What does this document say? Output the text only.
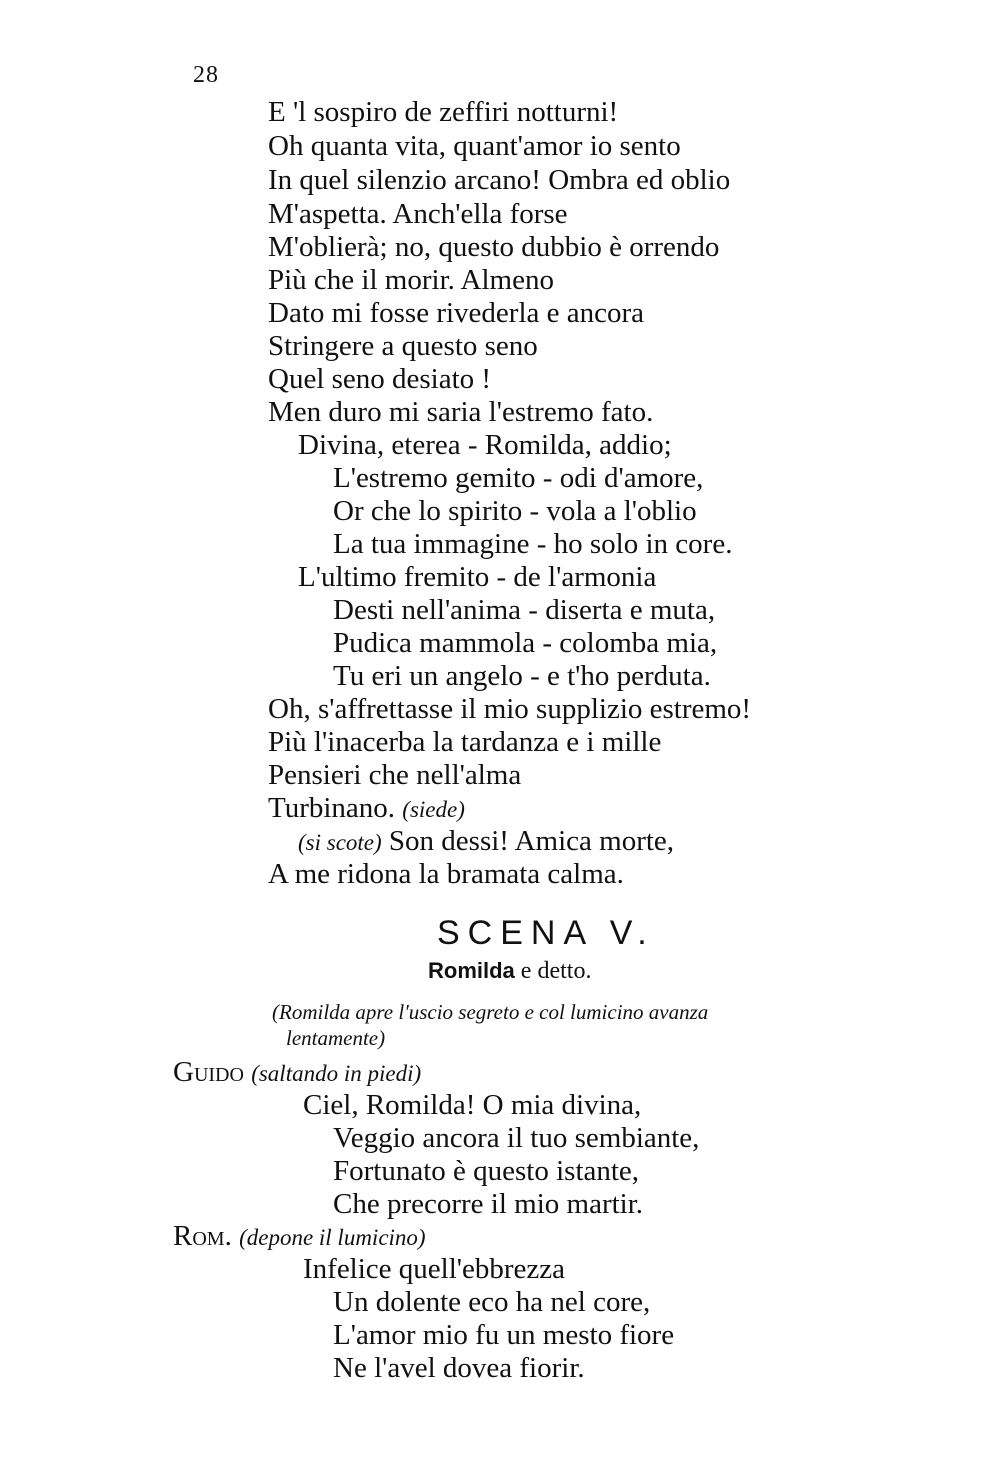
28
E 'l sospiro de zeffiri notturni!
Oh quanta vita, quant'amor io sento
In quel silenzio arcano! Ombra ed oblio
M'aspetta. Anch'ella forse
M'oblierà; no, questo dubbio è orrendo
Più che il morir. Almeno
Dato mi fosse rivederla e ancora
Stringere a questo seno
Quel seno desiato !
Men duro mi saria l'estremo fato.
Divina, eterea - Romilda, addio;
L'estremo gemito - odi d'amore,
Or che lo spirito - vola a l'oblio
La tua immagine - ho solo in core.
L'ultimo fremito - de l'armonia
Desti nell'anima - diserta e muta,
Pudica mammola - colomba mia,
Tu eri un angelo - e t'ho perduta.
Oh, s'affrettasse il mio supplizio estremo!
Più l'inacerba la tardanza e i mille
Pensieri che nell'alma
Turbinano. (siede)
(si scote) Son dessi! Amica morte,
A me ridona la bramata calma.
SCENA V.
Romilda e detto.
(Romilda apre l'uscio segreto e col lumicino avanza
lentamente)
Guido (saltando in piedi)
Ciel, Romilda! O mia divina,
Veggio ancora il tuo sembiante,
Fortunato è questo istante,
Che precorre il mio martir.
Rom. (depone il lumicino)
Infelice quell'ebbrezza
Un dolente eco ha nel core,
L'amor mio fu un mesto fiore
Ne l'avel dovea fiorir.
